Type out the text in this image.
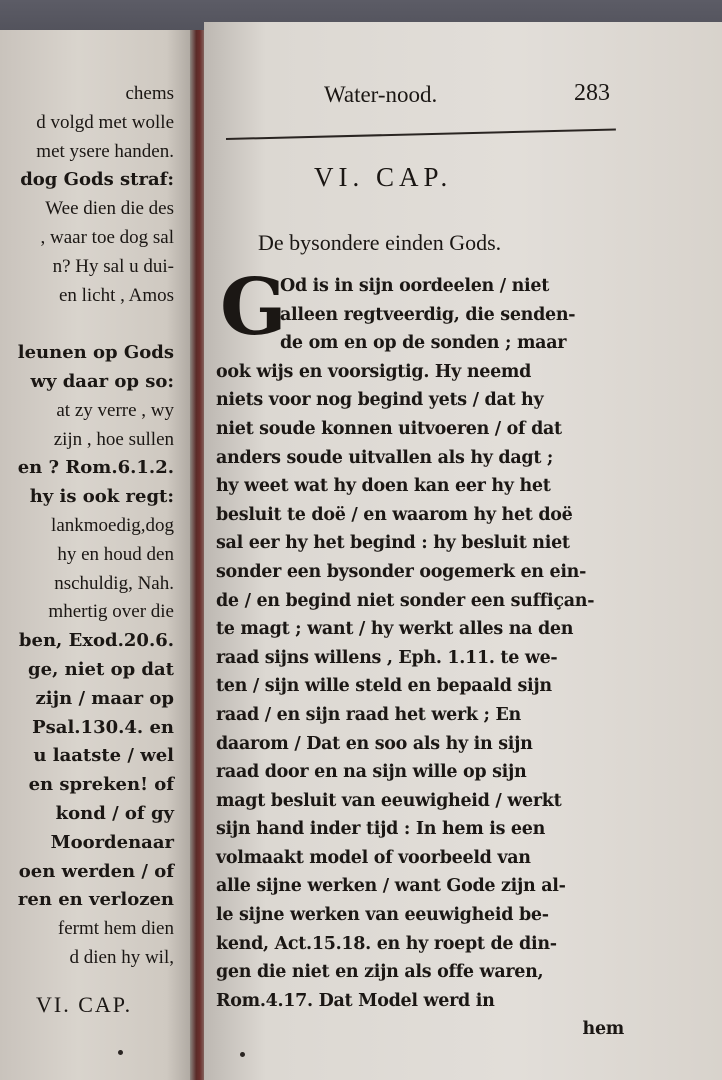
chems
d volgd met wolle
met ysere handen.
dog Gods straf:
Wee dien die des
, waar toe dog sal
n? Hy sal u dui-
en licht , Amos
leunen op Gods
wy daar op so:
at zy verre , wy
zijn , hoe sullen
en ? Rom.6.1.2.
hy is ook regt:
lankmoedig,dog
hy en houd den
nschuldig, Nah.
mhertig over die
ben, Exod.20.6.
ge, niet op dat
zijn / maar op
Psal.130.4. en
u laatste / wel
en spreken! of
kond / of gy
Moordenaar
oen werden / of
ren en verlozen
fermt hem dien
d dien hy wil,
VI. CAP.
Water-nood.	283
VI. CAP.
De bysondere einden Gods.
G
Od is in sijn oordeelen / niet
alleen regtveerdig, die senden-
de om en op de sonden ; maar
ook wijs en voorsigtig. Hy neemd
niets voor nog begind yets / dat hy
niet soude konnen uitvoeren / of dat
anders soude uitvallen als hy dagt ;
hy weet wat hy doen kan eer hy het
besluit te doë / en waarom hy het doë
sal eer hy het begind : hy besluit niet
sonder een bysonder oogemerk en ein-
de / en begind niet sonder een suffiçan-
te magt ; want / hy werkt alles na den
raad sijns willens , Eph. 1.11. te we-
ten / sijn wille steld en bepaald sijn
raad / en sijn raad het werk ; En
daarom / Dat en soo als hy in sijn
raad door en na sijn wille op sijn
magt besluit van eeuwigheid / werkt
sijn hand inder tijd : In hem is een
volmaakt model of voorbeeld van
alle sijne werken / want Gode zijn al-
le sijne werken van eeuwigheid be-
kend, Act.15.18. en hy roept de din-
gen die niet en zijn als offe waren,
Rom.4.17. Dat Model werd in
hem
